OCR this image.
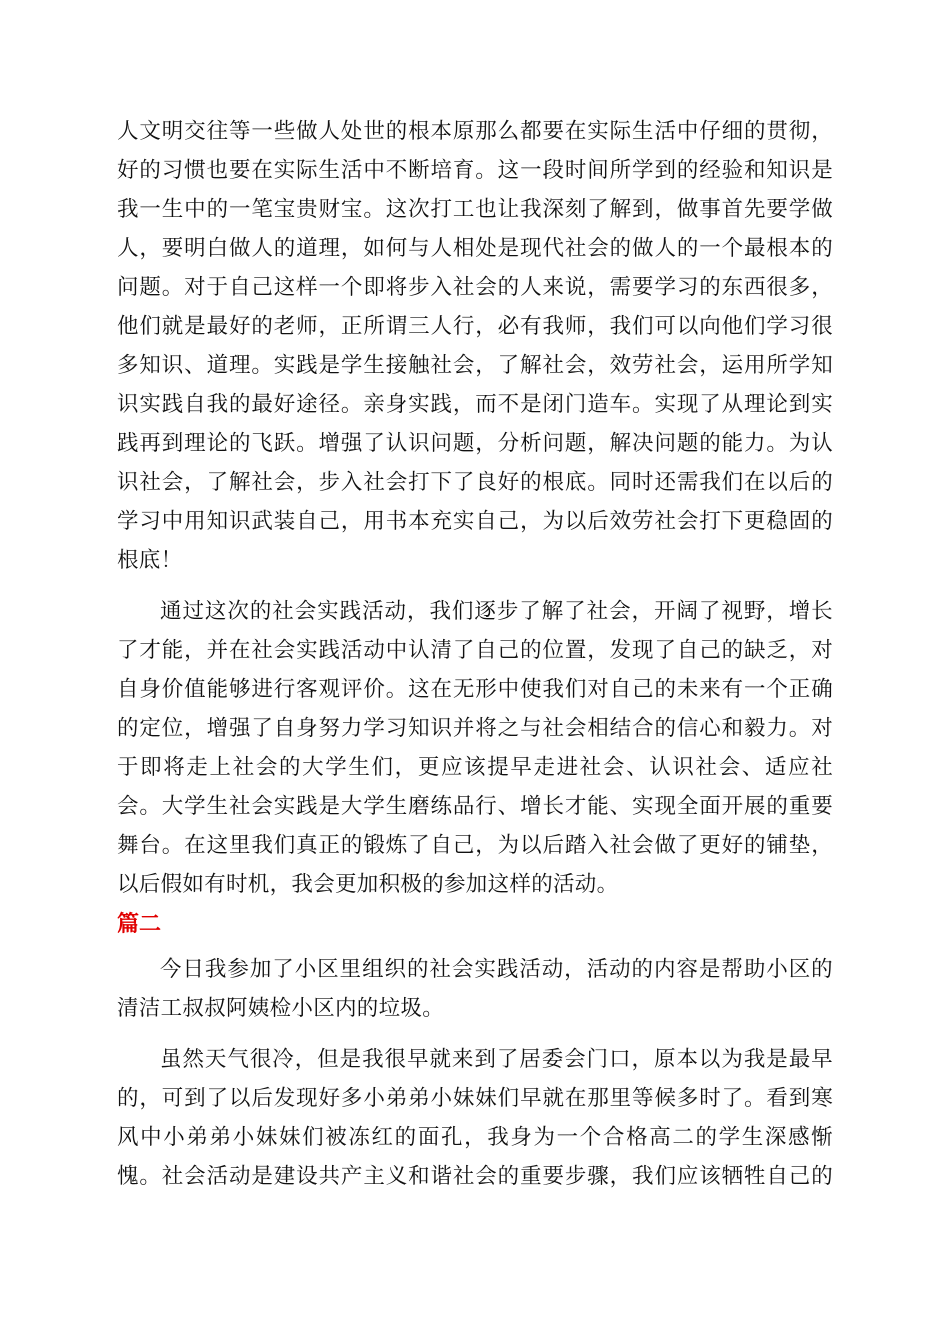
人文明交往等一些做人处世的根本原那么都要在实际生活中仔细的贯彻，
好的习惯也要在实际生活中不断培育。这一段时间所学到的经验和知识是
我一生中的一笔宝贵财宝。这次打工也让我深刻了解到，做事首先要学做
人，要明白做人的道理，如何与人相处是现代社会的做人的一个最根本的
问题。对于自己这样一个即将步入社会的人来说，需要学习的东西很多，
他们就是最好的老师，正所谓三人行，必有我师，我们可以向他们学习很
多知识、道理。实践是学生接触社会，了解社会，效劳社会，运用所学知
识实践自我的最好途径。亲身实践，而不是闭门造车。实现了从理论到实
践再到理论的飞跃。增强了认识问题，分析问题，解决问题的能力。为认
识社会，了解社会，步入社会打下了良好的根底。同时还需我们在以后的
学习中用知识武装自己，用书本充实自己，为以后效劳社会打下更稳固的
根底！
通过这次的社会实践活动，我们逐步了解了社会，开阔了视野，增长
了才能，并在社会实践活动中认清了自己的位置，发现了自己的缺乏，对
自身价值能够进行客观评价。这在无形中使我们对自己的未来有一个正确
的定位，增强了自身努力学习知识并将之与社会相结合的信心和毅力。对
于即将走上社会的大学生们，更应该提早走进社会、认识社会、适应社
会。大学生社会实践是大学生磨练品行、增长才能、实现全面开展的重要
舞台。在这里我们真正的锻炼了自己，为以后踏入社会做了更好的铺垫，
以后假如有时机，我会更加积极的参加这样的活动。
篇二
今日我参加了小区里组织的社会实践活动，活动的内容是帮助小区的
清洁工叔叔阿姨检小区内的垃圾。
虽然天气很冷，但是我很早就来到了居委会门口，原本以为我是最早
的，可到了以后发现好多小弟弟小妹妹们早就在那里等候多时了。看到寒
风中小弟弟小妹妹们被冻红的面孔，我身为一个合格高二的学生深感惭
愧。社会活动是建设共产主义和谐社会的重要步骤，我们应该牺牲自己的
